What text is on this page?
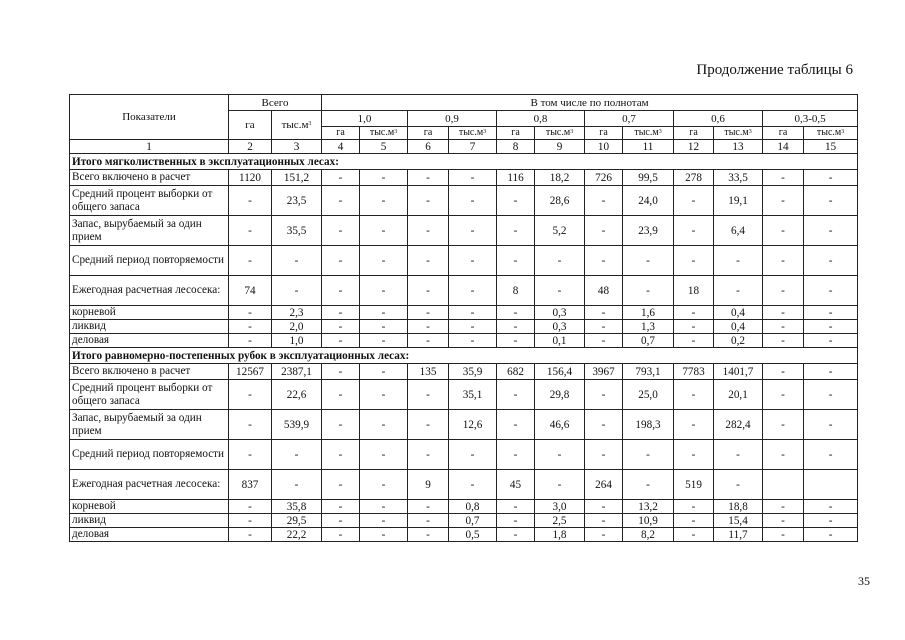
Продолжение таблицы 6
Показатели	Всего		В том числе по полнотам											
	га	$тыс.м^3$	1,0		0,9		0,8		0,7		0,6		0,3-0,5	
			га	$тыс.м^3$	га	$тыс.м^3$	га	$тыс.м^3$	га	$тыс.м^3$	га	$тыс.м^3$	га	$тыс.м^3$
1	2	3	4	5	6	7	8	9	10	11	12	13	14	15
Итого мягколиственных в эксплуатационных лесах:														
Всего включено в расчет	1120	151,2	-	-	-	-	116	18,2	726	99,5	278	33,5	-	-
Средний процент выборки от общего запаса	-	23,5	-	-	-	-	-	28,6	-	24,0	-	19,1	-	-
Запас, вырубаемый за один прием	-	35,5	-	-	-	-	-	5,2	-	23,9	-	6,4	-	-
Средний период повторяемости	-	-	-	-	-	-	-	-	-	-	-	-	-	-
Ежегодная расчетная лесосека:	74	-	-	-	-	-	8	-	48	-	18	-	-	-
корневой	-	2,3	-	-	-	-	-	0,3	-	1,6	-	0,4	-	-
ликвид	-	2,0	-	-	-	-	-	0,3	-	1,3	-	0,4	-	-
деловая	-	1,0	-	-	-	-	-	0,1	-	0,7	-	0,2	-	-
Итого равномерно-постепенных рубок в эксплуатационных лесах:														
Всего включено в расчет	12567	2387,1	-	-	135	35,9	682	156,4	3967	793,1	7783	1401,7	-	-
Средний процент выборки от общего запаса	-	22,6	-	-	-	35,1	-	29,8	-	25,0	-	20,1	-	-
Запас, вырубаемый за один прием	-	539,9	-	-	-	12,6	-	46,6	-	198,3	-	282,4	-	-
Средний период повторяемости	-	-	-	-	-	-	-	-	-	-	-	-	-	-
Ежегодная расчетная лесосека:	837	-	-	-	9	-	45	-	264	-	519	-		
корневой	-	35,8	-	-	-	0,8	-	3,0	-	13,2	-	18,8	-	-
ликвид	-	29,5	-	-	-	0,7	-	2,5	-	10,9	-	15,4	-	-
деловая	-	22,2	-	-	-	0,5	-	1,8	-	8,2	-	11,7	-	-
35
